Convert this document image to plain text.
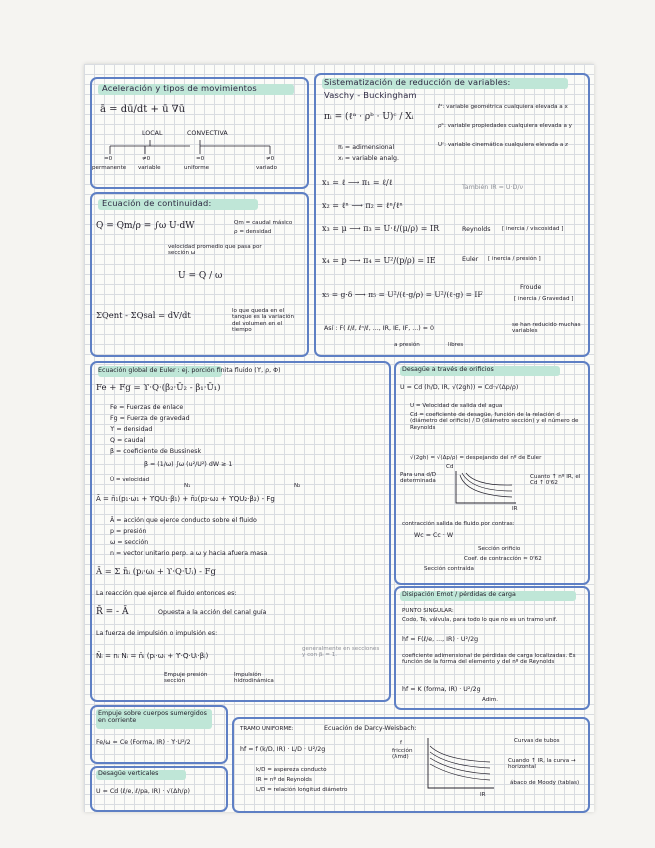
Aceleración y tipos de movimientos
ā = dū/dt + ū ∇ū
LOCAL	CONVECTIVA
=0	≠0	=0	≠0
permanente variable	uniforme	variado
Sistematización de reducción de variables:
Vaschy - Buckingham
πᵢ = (ℓᵃ · ρᵇ · U)ᶜ / Xᵢ
ℓᵃ: variable geométrica cualquiera elevada a x
ρᵇ: variable propiedades cualquiera elevada a y
Uᶜ: variable cinemática cualquiera elevada a z
πᵢ = adimensional
xᵢ = variable analg.
x₁ = ℓ ⟶ π₁ = ℓ/ℓ
También IR = U·D/ν
x₂ = ℓⁿ ⟶ π₂ = ℓⁿ/ℓⁿ
x₃ = μ ⟶ π₃ = U·ℓ/(μ/ρ) = IR	Reynolds [ inercia / viscosidad ]
x₄ = p ⟶ π₄ = U²/(p/ρ) = IE	Euler [ inercia / presión ]
x₅ = g·δ ⟶ π₅ = U²/(ℓ·g/ρ) = U²/(ℓ·g) = IF
Froude
[ inercia / Gravedad ]
Así : F( ℓ/ℓ, ℓⁿ/ℓ, ..., IR, IE, IF, ...) = 0	se han reducido muchas variables
a presión	libres
Ecuación de continuidad:
Q = Qm/ρ = ∫ω U·dW	Qm = caudal másico
ρ = densidad
velocidad promedio que pasa por sección ω
U = Q / ω
ΣQent - ΣQsal = dV/dt	lo que queda en el tanque es la variación del volumen en el tiempo
Ecuación global de Euler : ej. porción finita fluido (ϒ, ρ, Φ)
Fe + Fg = ϒ·Q·(β₂·Ū₂ - β₁·Ū₁)
Fe = Fuerzas de enlace
Fg = Fuerza de gravedad
ϒ = densidad
Q = caudal
β = coeficiente de Bussinesk
β = (1/ω) ∫ω (u²/U²) dW ≥ 1
Ū = velocidad
N₁	N₂
Ā = n̄₁(p₁·ω₁ + ϒQU₁·β₁) + n̄₂(p₂·ω₂ + ϒQU₂·β₂) - Fg
Ā = acción que ejerce conducto sobre el fluido
p = presión
ω = sección
n = vector unitario perp. a ω y hacia afuera masa
Ā = Σ n̄ᵢ (pᵢ·ωᵢ + ϒ·Q·Uᵢ) - Fg
La reacción que ejerce el fluido entonces es:
R̄ = - Ā	Opuesta a la acción del canal guía
La fuerza de impulsión o impulsión es:
N̄ᵢ = nᵢ Nᵢ = n̄ᵢ (pᵢ·ωᵢ + ϒ·Q·Uᵢ·βᵢ)
generalmente en secciones y con βᵢ = 1.
Empuje presión sección
Impulsión hidrodinámica
Empuje sobre cuerpos sumergidos en corriente
Fe/ω = Ce (Forma, IR) · ϒ·U²/2
Desagüe verticales
U = Cd (ℓ/e, ℓ/pa, IR) · √(Δh/ρ)
Desagüe a través de orificios
U = Cd (h/D, IR, √(2gh)) = Cd·√(Δp/ρ)
U = Velocidad de salida del agua
Cd = coeficiente de desagüe, función de la relación d (diámetro del orificio) / D (diámetro sección) y el número de Reynolds
√(2gh) = √(Δp/ρ) = despejando del nº de Euler
Para una d/D determinada
Cd
IR
Cuanto ↑ nº IR, el Cd ↑ 0'62
contracción salida de fluido por contras:
Wc = Cc · W
Sección orificio
Coef. de contracción ≈ 0'62
Sección contraída
Disipación Emot / pérdidas de carga
PUNTO SINGULAR:
Codo, Te, válvula, para todo lo que no es un tramo unif.
hf = F(ℓ/e, ..., IR) · U²/2g
coeficiente adimensional de pérdidas de carga localizadas. Es función de la forma del elemento y del nº de Reynolds
hf = K (forma, IR) · U²/2g
Adim.
TRAMO UNIFORME:	Ecuación de Darcy-Weisbach:
hf = f (k/D, IR) · L/D · U²/2g
k/D = aspereza conducto
IR = nº de Reynolds
L/D = relación longitud diámetro
f
fricción (λmd)
IR
Curvas de tubos
Cuando ↑ IR, la curva → horizontal
ábaco de Moody (tablas)
